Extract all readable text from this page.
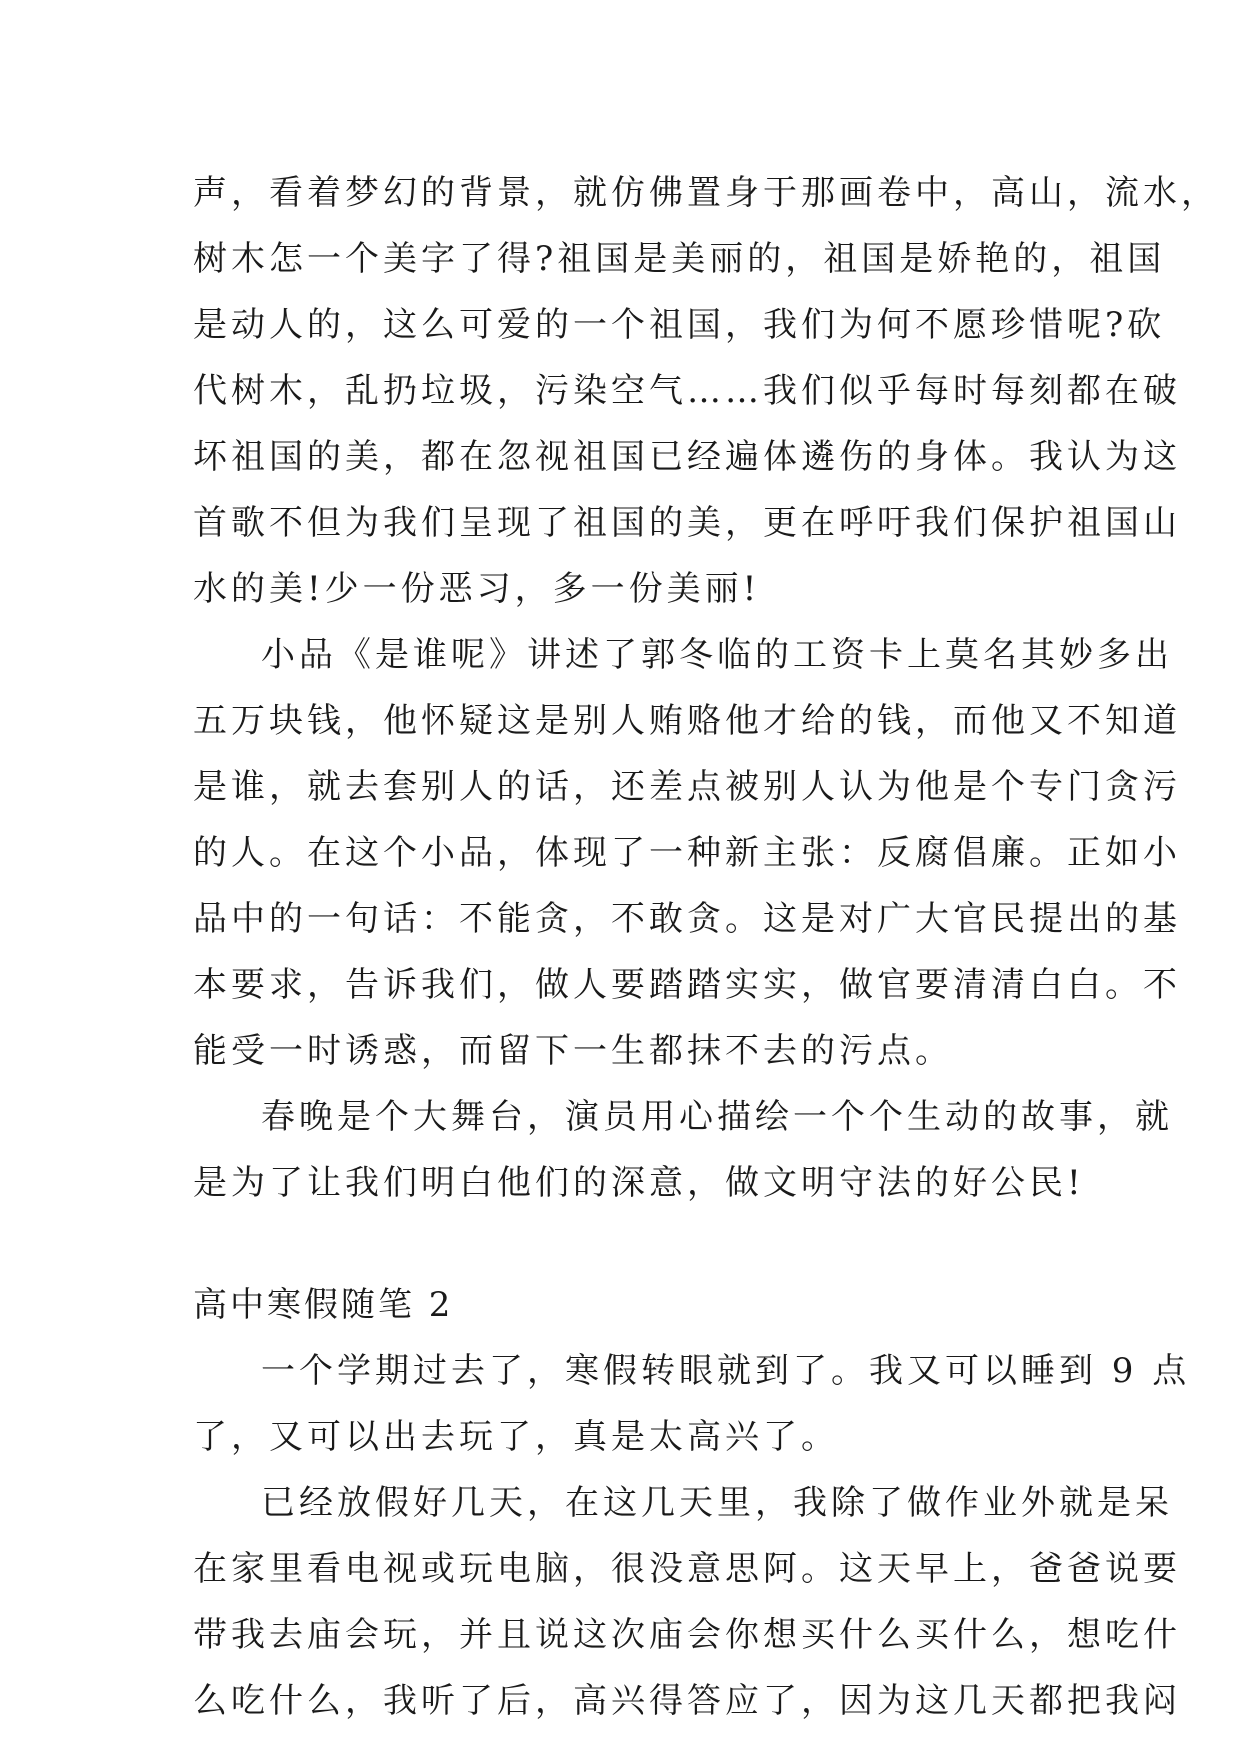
声，看着梦幻的背景，就仿佛置身于那画卷中，高山，流水，
树木怎一个美字了得?祖国是美丽的，祖国是娇艳的，祖国
是动人的，这么可爱的一个祖国，我们为何不愿珍惜呢?砍
代树木，乱扔垃圾，污染空气……我们似乎每时每刻都在破
坏祖国的美，都在忽视祖国已经遍体遴伤的身体。我认为这
首歌不但为我们呈现了祖国的美，更在呼吁我们保护祖国山
水的美!少一份恶习，多一份美丽!
小品《是谁呢》讲述了郭冬临的工资卡上莫名其妙多出
五万块钱，他怀疑这是别人贿赂他才给的钱，而他又不知道
是谁，就去套别人的话，还差点被别人认为他是个专门贪污
的人。在这个小品，体现了一种新主张：反腐倡廉。正如小
品中的一句话：不能贪，不敢贪。这是对广大官民提出的基
本要求，告诉我们，做人要踏踏实实，做官要清清白白。不
能受一时诱惑，而留下一生都抹不去的污点。
春晚是个大舞台，演员用心描绘一个个生动的故事，就
是为了让我们明白他们的深意，做文明守法的好公民!
高中寒假随笔 2
一个学期过去了，寒假转眼就到了。我又可以睡到 9 点
了，又可以出去玩了，真是太高兴了。
已经放假好几天，在这几天里，我除了做作业外就是呆
在家里看电视或玩电脑，很没意思阿。这天早上，爸爸说要
带我去庙会玩，并且说这次庙会你想买什么买什么，想吃什
么吃什么，我听了后，高兴得答应了，因为这几天都把我闷
